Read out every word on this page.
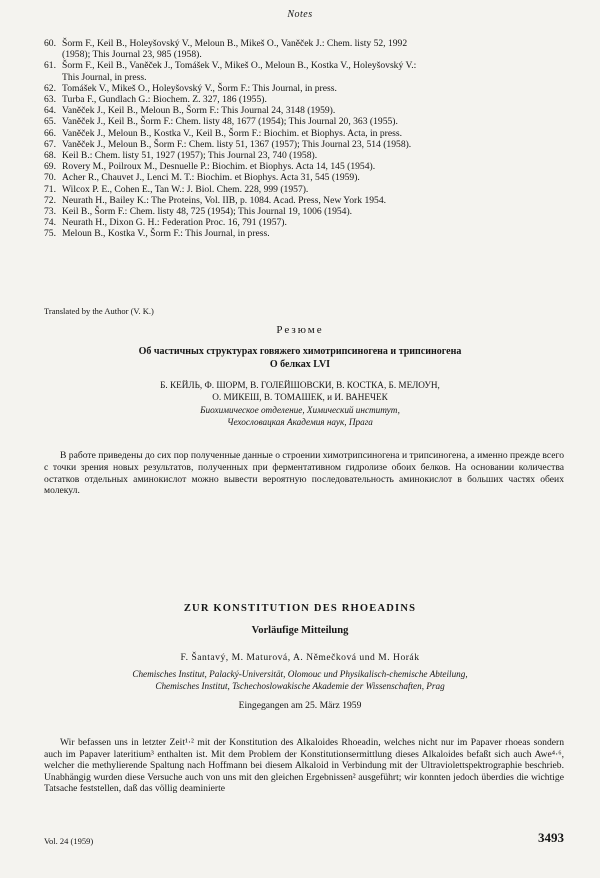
Notes
60. Šorm F., Keil B., Holeyšovský V., Meloun B., Mikeš O., Vaněček J.: Chem. listy 52, 1992
(1958); This Journal 23, 985 (1958).
61. Šorm F., Keil B., Vaněček J., Tomášek V., Mikeš O., Meloun B., Kostka V., Holeyšovský V.:
This Journal, in press.
62. Tomášek V., Mikeš O., Holeyšovský V., Šorm F.: This Journal, in press.
63. Turba F., Gundlach G.: Biochem. Z. 327, 186 (1955).
64. Vaněček J., Keil B., Meloun B., Šorm F.: This Journal 24, 3148 (1959).
65. Vaněček J., Keil B., Šorm F.: Chem. listy 48, 1677 (1954); This Journal 20, 363 (1955).
66. Vaněček J., Meloun B., Kostka V., Keil B., Šorm F.: Biochim. et Biophys. Acta, in press.
67. Vaněček J., Meloun B., Šorm F.: Chem. listy 51, 1367 (1957); This Journal 23, 514 (1958).
68. Keil B.: Chem. listy 51, 1927 (1957); This Journal 23, 740 (1958).
69. Rovery M., Poilroux M., Desnuelle P.: Biochim. et Biophys. Acta 14, 145 (1954).
70. Acher R., Chauvet J., Lenci M. T.: Biochim. et Biophys. Acta 31, 545 (1959).
71. Wilcox P. E., Cohen E., Tan W.: J. Biol. Chem. 228, 999 (1957).
72. Neurath H., Bailey K.: The Proteins, Vol. IIB, p. 1084. Acad. Press, New York 1954.
73. Keil B., Šorm F.: Chem. listy 48, 725 (1954); This Journal 19, 1006 (1954).
74. Neurath H., Dixon G. H.: Federation Proc. 16, 791 (1957).
75. Meloun B., Kostka V., Šorm F.: This Journal, in press.
Translated by the Author (V. K.)
Резюме
Об частичных структурах говяжего химотрипсиногена и трипсиногена
О белках LVI
Б. КЕЙЛЬ, Ф. ШОРМ, В. ГОЛЕЙШОВСКИ, В. КОСТКА, Б. МЕЛОУН,
О. МИКЕШ, В. ТОМАШЕК, и И. ВАНЕЧЕК
Биохимическое отделение, Химический институт,
Чехословацкая Академия наук, Прага
В работе приведены до сих пор полученные данные о строении химотрипсиногена и трипсиногена, а именно прежде всего с точки зрения новых результатов, полученных при ферментативном гидролизе обоих белков. На основании количества остатков отдельных аминокислот можно вывести вероятную последовательность аминокислот в больших частях обеих молекул.
ZUR KONSTITUTION DES RHOEADINS
Vorläufige Mitteilung
F. Šantavý, M. Maturová, A. Němečková und M. Horák
Chemisches Institut, Palacký-Universität, Olomouc und Physikalisch-chemische Abteilung,
Chemisches Institut, Tschechoslowakische Akademie der Wissenschaften, Prag
Eingegangen am 25. März 1959
Wir befassen uns in letzter Zeit¹·² mit der Konstitution des Alkaloides Rhoeadin, welches nicht nur im Papaver rhoeas sondern auch im Papaver lateritium³ enthalten ist. Mit dem Problem der Konstitutionsermittlung dieses Alkaloides befaßt sich auch Awe⁴·⁶, welcher die methylierende Spaltung nach Hoffmann bei diesem Alkaloid in Verbindung mit der Ultraviolettspektrographie beschrieb. Unabhängig wurden diese Versuche auch von uns mit den gleichen Ergebnissen² ausgeführt; wir konnten jedoch überdies die wichtige Tatsache feststellen, daß das völlig deaminierte
Vol. 24 (1959)	3493
